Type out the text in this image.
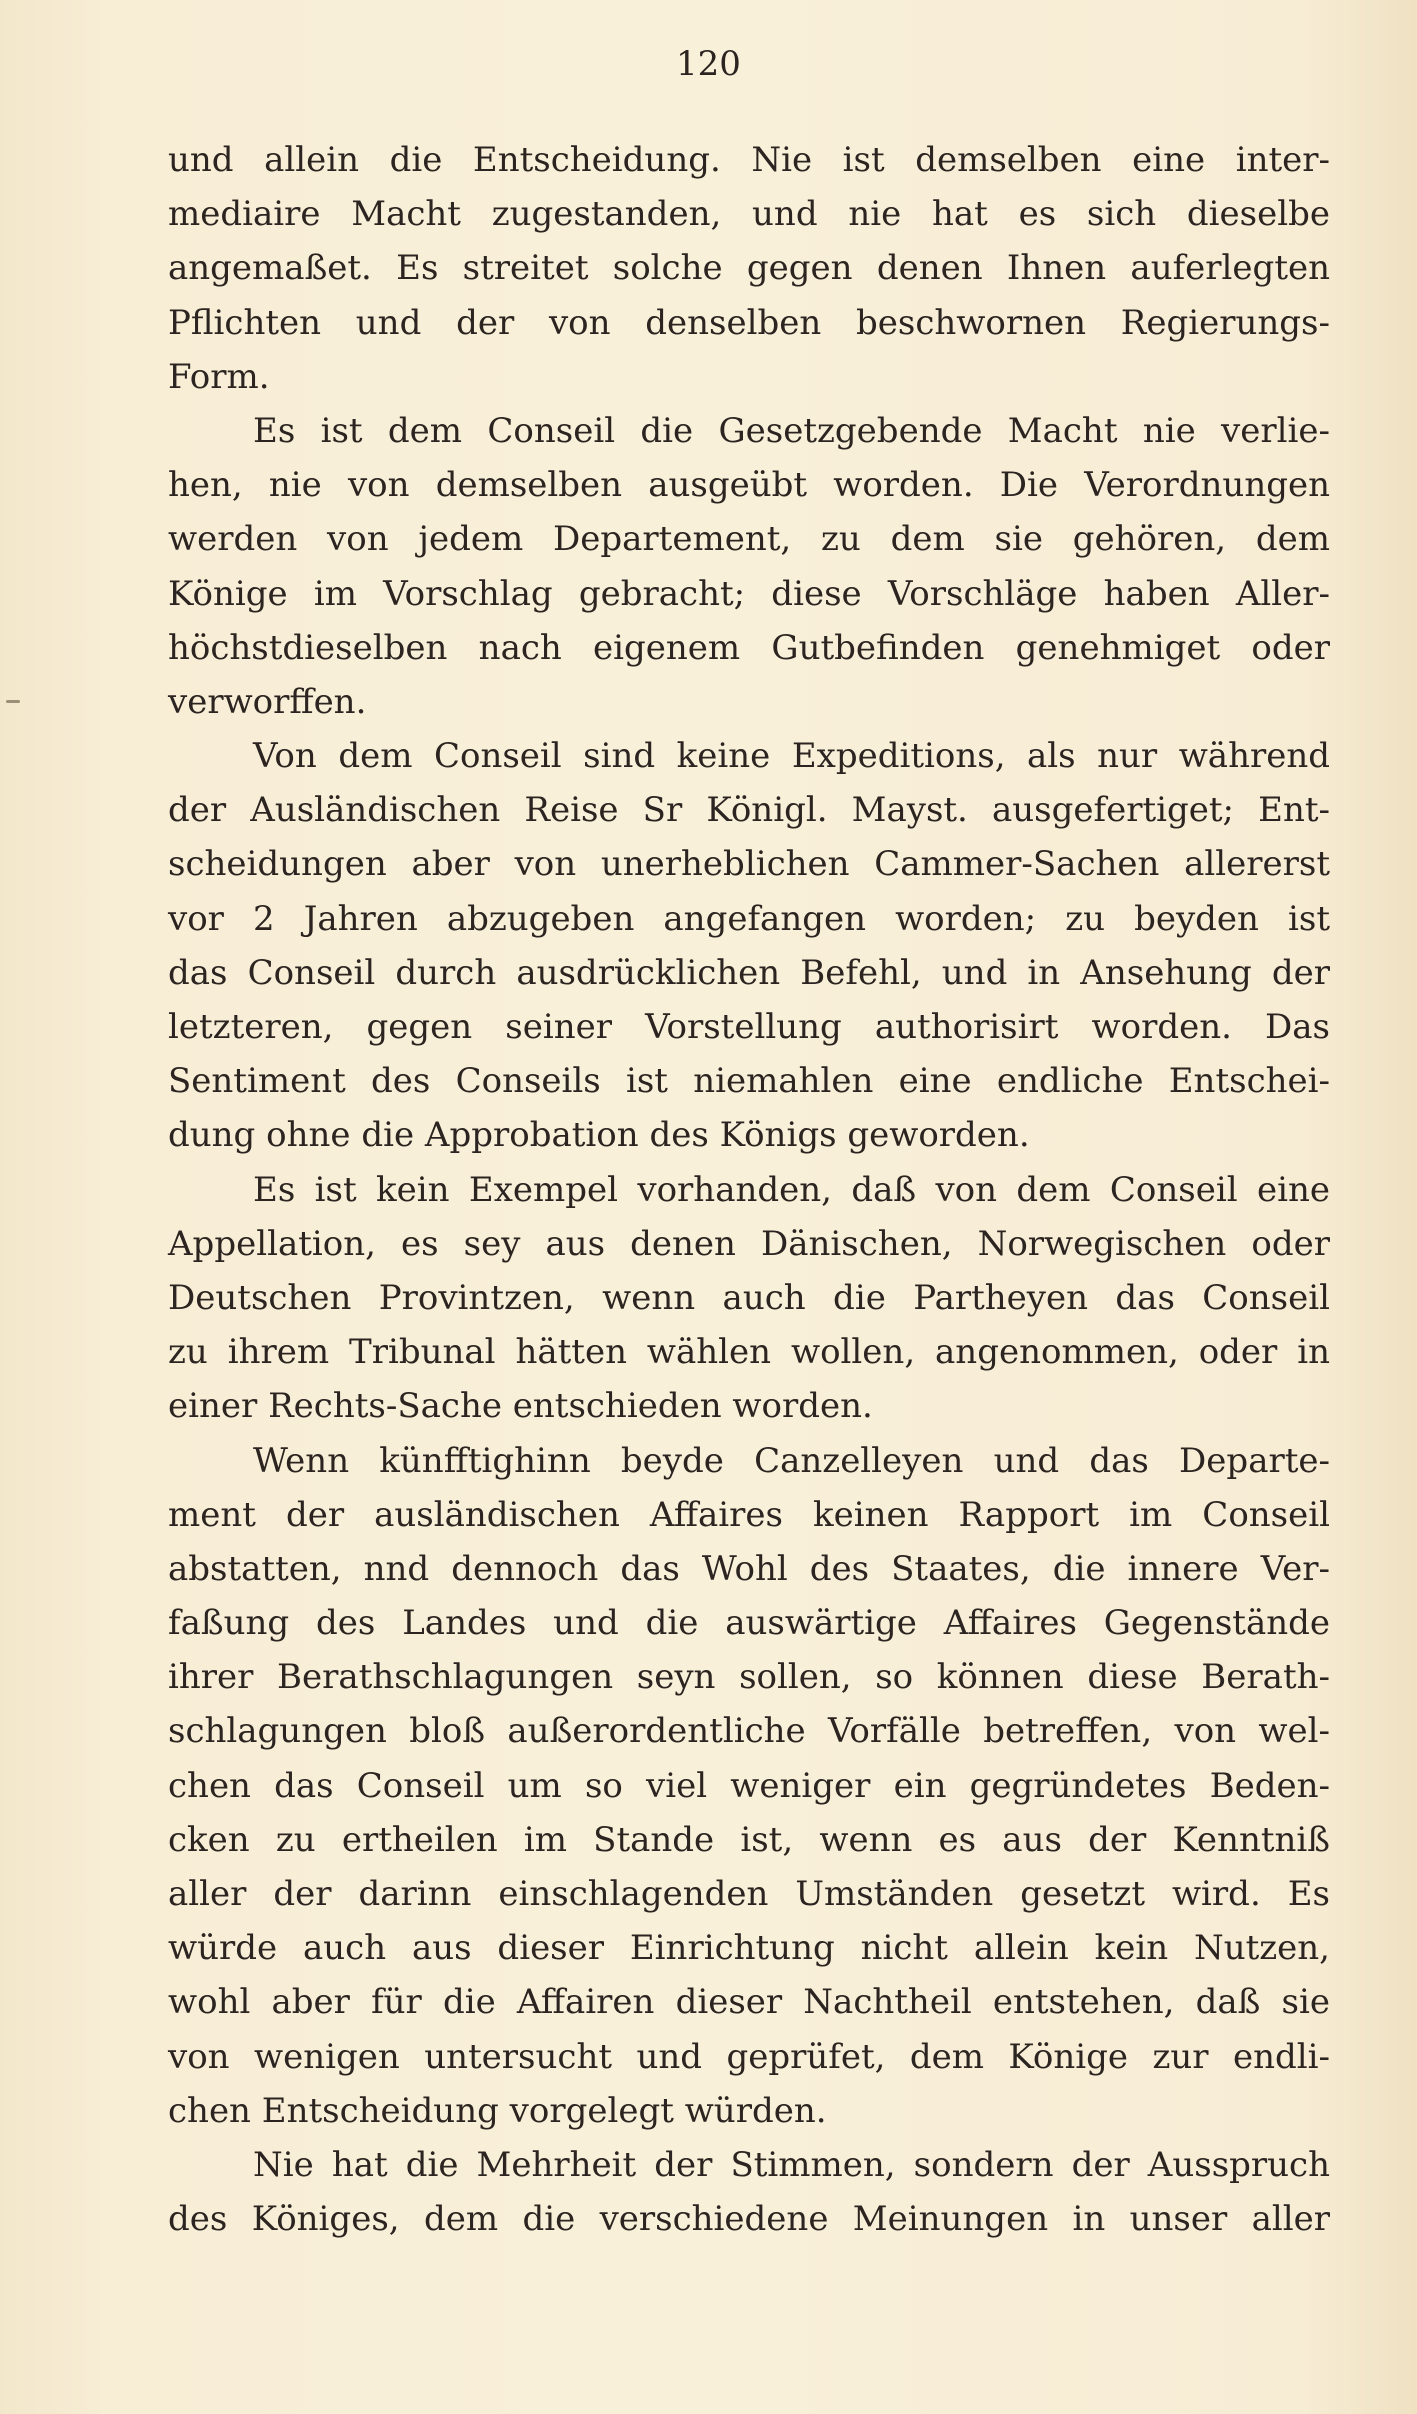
120
und allein die Entscheidung. Nie ist demselben eine inter-
mediaire Macht zugestanden, und nie hat es sich dieselbe
angemaßet. Es streitet solche gegen denen Ihnen auferlegten
Pflichten und der von denselben beschwornen Regierungs-
Form.
Es ist dem Conseil die Gesetzgebende Macht nie verlie-
hen, nie von demselben ausgeübt worden. Die Verordnungen
werden von jedem Departement, zu dem sie gehören, dem
Könige im Vorschlag gebracht; diese Vorschläge haben Aller-
höchstdieselben nach eigenem Gutbefinden genehmiget oder
verworffen.
Von dem Conseil sind keine Expeditions, als nur während
der Ausländischen Reise Sr Königl. Mayst. ausgefertiget; Ent-
scheidungen aber von unerheblichen Cammer-Sachen allererst
vor 2 Jahren abzugeben angefangen worden; zu beyden ist
das Conseil durch ausdrücklichen Befehl, und in Ansehung der
letzteren, gegen seiner Vorstellung authorisirt worden. Das
Sentiment des Conseils ist niemahlen eine endliche Entschei-
dung ohne die Approbation des Königs geworden.
Es ist kein Exempel vorhanden, daß von dem Conseil eine
Appellation, es sey aus denen Dänischen, Norwegischen oder
Deutschen Provintzen, wenn auch die Partheyen das Conseil
zu ihrem Tribunal hätten wählen wollen, angenommen, oder in
einer Rechts-Sache entschieden worden.
Wenn künfftighinn beyde Canzelleyen und das Departe-
ment der ausländischen Affaires keinen Rapport im Conseil
abstatten, nnd dennoch das Wohl des Staates, die innere Ver-
faßung des Landes und die auswärtige Affaires Gegenstände
ihrer Berathschlagungen seyn sollen, so können diese Berath-
schlagungen bloß außerordentliche Vorfälle betreffen, von wel-
chen das Conseil um so viel weniger ein gegründetes Beden-
cken zu ertheilen im Stande ist, wenn es aus der Kenntniß
aller der darinn einschlagenden Umständen gesetzt wird. Es
würde auch aus dieser Einrichtung nicht allein kein Nutzen,
wohl aber für die Affairen dieser Nachtheil entstehen, daß sie
von wenigen untersucht und geprüfet, dem Könige zur endli-
chen Entscheidung vorgelegt würden.
Nie hat die Mehrheit der Stimmen, sondern der Ausspruch
des Königes, dem die verschiedene Meinungen in unser aller
